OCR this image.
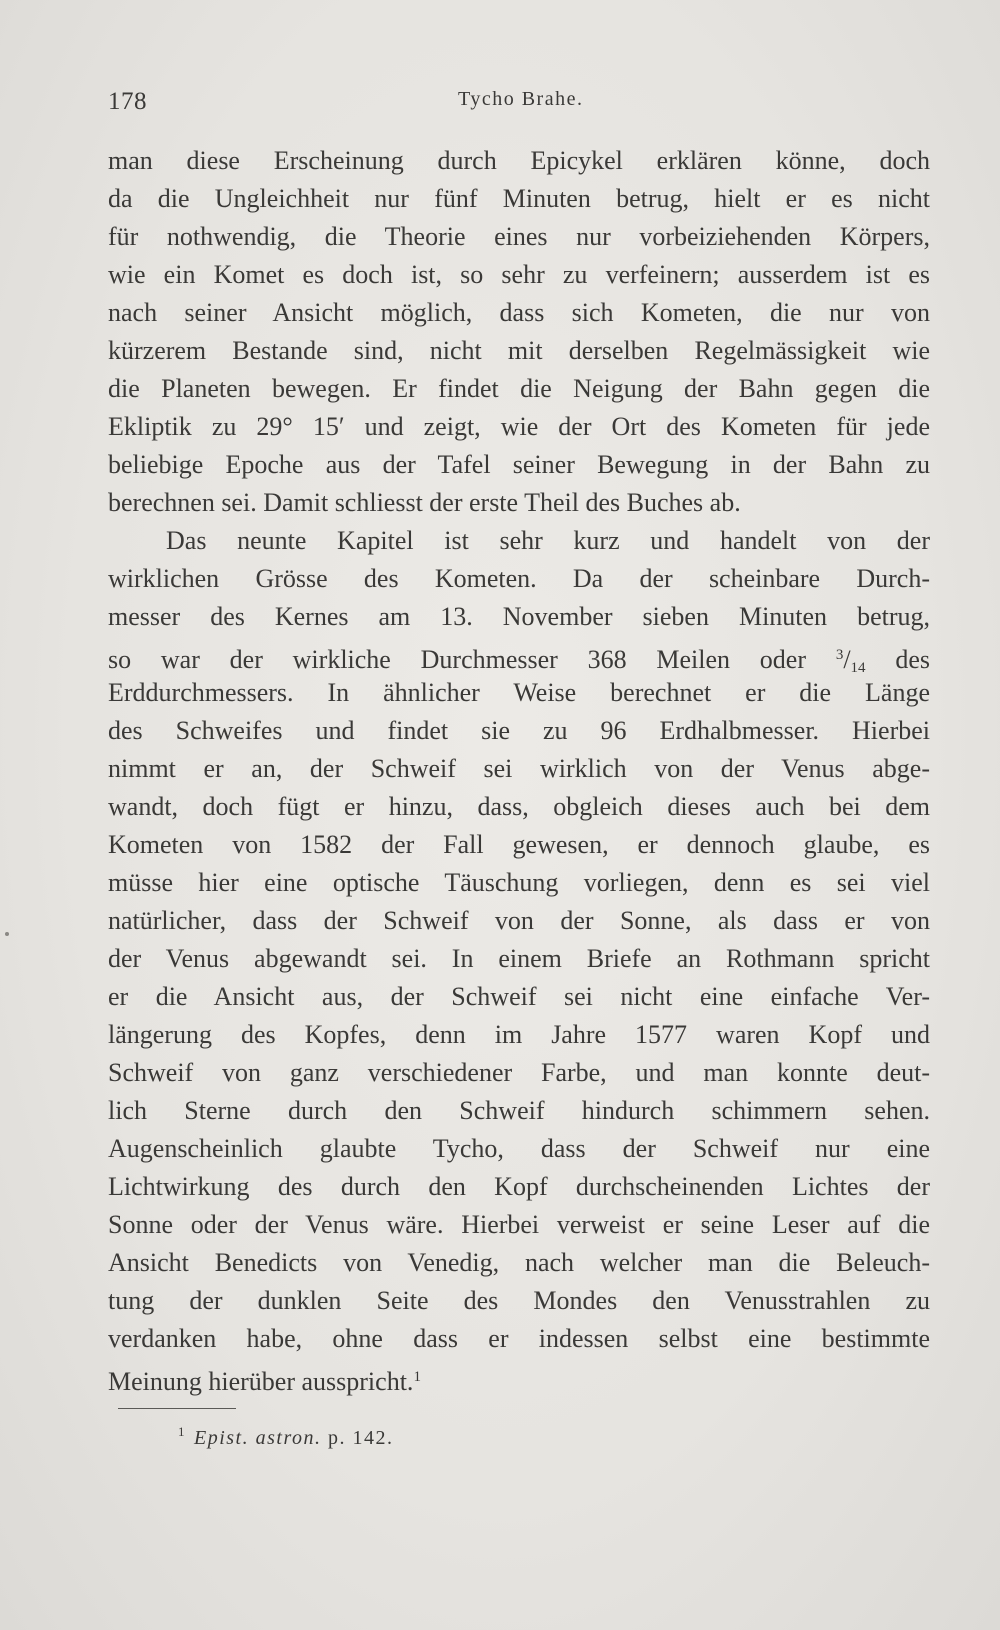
178	Tycho Brahe.
man diese Erscheinung durch Epicykel erklären könne, doch
da die Ungleichheit nur fünf Minuten betrug, hielt er es nicht
für nothwendig, die Theorie eines nur vorbeiziehenden Körpers,
wie ein Komet es doch ist, so sehr zu verfeinern; ausserdem ist es
nach seiner Ansicht möglich, dass sich Kometen, die nur von
kürzerem Bestande sind, nicht mit derselben Regelmässigkeit wie
die Planeten bewegen. Er findet die Neigung der Bahn gegen die
Ekliptik zu 29° 15′ und zeigt, wie der Ort des Kometen für jede
beliebige Epoche aus der Tafel seiner Bewegung in der Bahn zu
berechnen sei. Damit schliesst der erste Theil des Buches ab.
Das neunte Kapitel ist sehr kurz und handelt von der
wirklichen Grösse des Kometen. Da der scheinbare Durch-
messer des Kernes am 13. November sieben Minuten betrug,
so war der wirkliche Durchmesser 368 Meilen oder $^3/_{14}$ des
Erddurchmessers. In ähnlicher Weise berechnet er die Länge
des Schweifes und findet sie zu 96 Erdhalbmesser. Hierbei
nimmt er an, der Schweif sei wirklich von der Venus abge-
wandt, doch fügt er hinzu, dass, obgleich dieses auch bei dem
Kometen von 1582 der Fall gewesen, er dennoch glaube, es
müsse hier eine optische Täuschung vorliegen, denn es sei viel
natürlicher, dass der Schweif von der Sonne, als dass er von
der Venus abgewandt sei. In einem Briefe an Rothmann spricht
er die Ansicht aus, der Schweif sei nicht eine einfache Ver-
längerung des Kopfes, denn im Jahre 1577 waren Kopf und
Schweif von ganz verschiedener Farbe, und man konnte deut-
lich Sterne durch den Schweif hindurch schimmern sehen.
Augenscheinlich glaubte Tycho, dass der Schweif nur eine
Lichtwirkung des durch den Kopf durchscheinenden Lichtes der
Sonne oder der Venus wäre. Hierbei verweist er seine Leser auf die
Ansicht Benedicts von Venedig, nach welcher man die Beleuch-
tung der dunklen Seite des Mondes den Venusstrahlen zu
verdanken habe, ohne dass er indessen selbst eine bestimmte
Meinung hierüber ausspricht.$^1$
$^1$ Epist. astron. p. 142.
